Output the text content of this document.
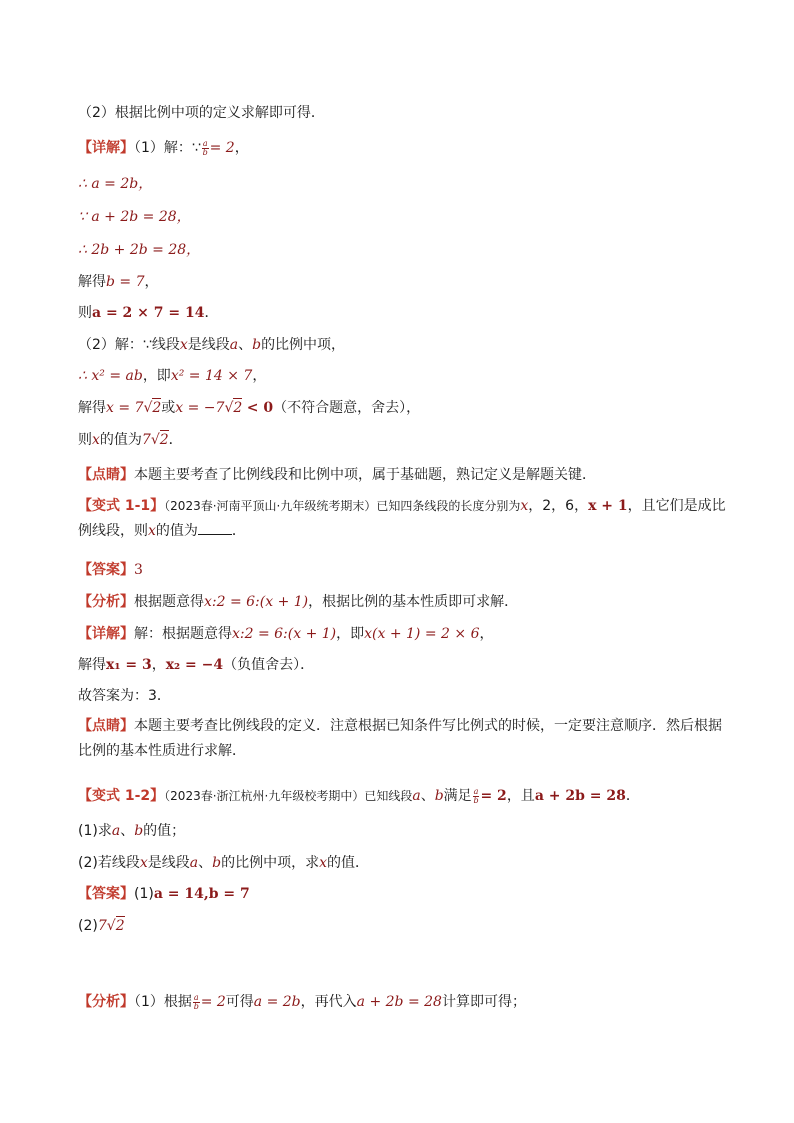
（2）根据比例中项的定义求解即可得．
【详解】（1）解：∵ $\frac{a}{b} = 2$，
∴ a = 2b，
∵ a + 2b = 28，
∴ 2b + 2b = 28，
解得b = 7，
则a = 2 × 7 = 14．
（2）解：∵线段x是线段a、b的比例中项，
∴ x² = ab，即x² = 14 × 7，
解得x = 7√2或x = −7√2 < 0（不符合题意，舍去），
则x的值为7√2．
【点睛】本题主要考查了比例线段和比例中项，属于基础题，熟记定义是解题关键．
【变式 1-1】（2023春·河南平顶山·九年级统考期末）已知四条线段的长度分别为x，2，6，x + 1，且它们是成比例线段，则x的值为 ．
【答案】3
【分析】根据题意得x:2 = 6:(x + 1)，根据比例的基本性质即可求解．
【详解】解：根据题意得x:2 = 6:(x + 1)，即x(x + 1) = 2 × 6，
解得x₁ = 3，x₂ = −4（负值舍去）．
故答案为：3．
【点睛】本题主要考查比例线段的定义．注意根据已知条件写比例式的时候，一定要注意顺序．然后根据比例的基本性质进行求解．
【变式 1-2】（2023春·浙江杭州·九年级校考期中）已知线段a、b满足 $\frac{a}{b} = 2$，且a + 2b = 28．
(1)求a、b的值；
(2)若线段x是线段a、b的比例中项，求x的值．
【答案】(1)a = 14,b = 7
(2)7√2
【分析】（1）根据 $\frac{a}{b} = 2$可得a = 2b，再代入a + 2b = 28计算即可得；
